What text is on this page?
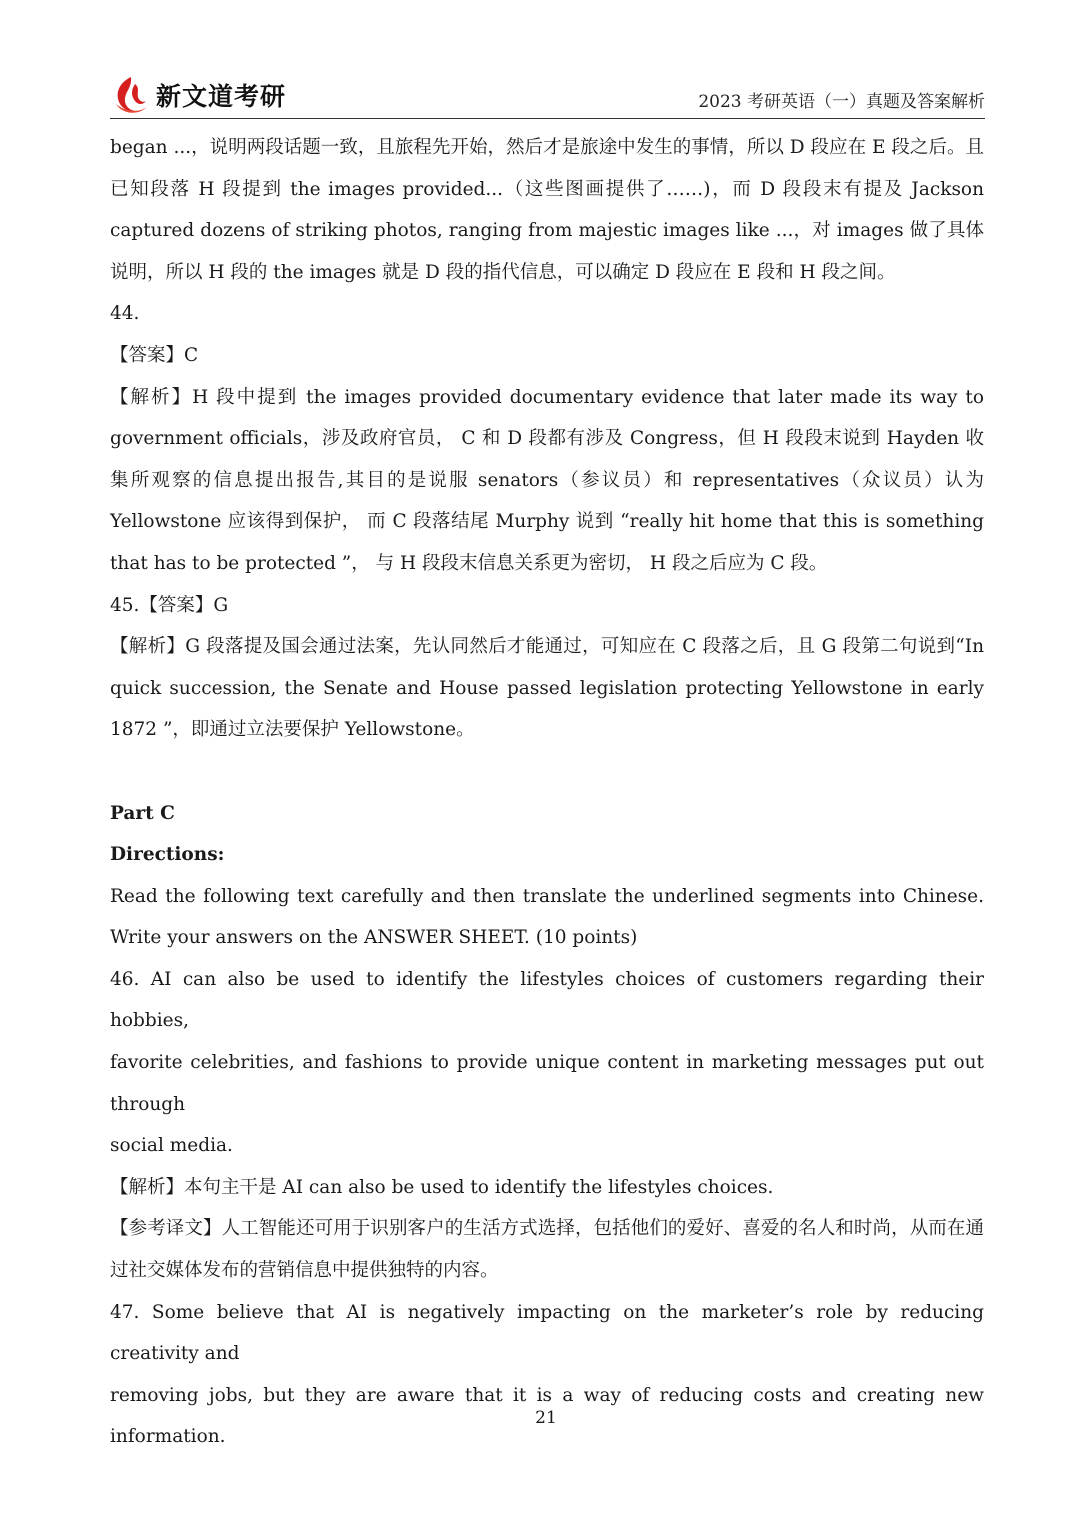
新文道考研	2023 考研英语（一）真题及答案解析

began ...，说明两段话题一致，且旅程先开始，然后才是旅途中发生的事情，所以 D 段应在 E 段之后。且已知段落 H 段提到 the images provided...（这些图画提供了……)，而 D 段段末有提及 Jackson captured dozens of striking photos, ranging from majestic images like ...，对 images 做了具体说明，所以 H 段的 the images 就是 D 段的指代信息，可以确定 D 段应在 E 段和 H 段之间。

44.

【答案】C

【解析】H 段中提到 the images provided documentary evidence that later made its way to government officials，涉及政府官员， C 和 D 段都有涉及 Congress，但 H 段段末说到 Hayden 收集所观察的信息提出报告,其目的是说服 senators（参议员）和 representatives（众议员）认为 Yellowstone 应该得到保护， 而 C 段落结尾 Murphy 说到 “really hit home that this is something that has to be protected ”， 与 H 段段末信息关系更为密切， H 段之后应为 C 段。

45.【答案】G

【解析】G 段落提及国会通过法案，先认同然后才能通过，可知应在 C 段落之后，且 G 段第二句说到“In quick succession, the Senate and House passed legislation protecting Yellowstone in early 1872 ”，即通过立法要保护 Yellowstone。

Part C

Directions:

Read the following text carefully and then translate the underlined segments into Chinese. Write your answers on the ANSWER SHEET. (10 points)

46. AI can also be used to identify the lifestyles choices of customers regarding their hobbies,

favorite celebrities, and fashions to provide unique content in marketing messages put out through

social media.

【解析】本句主干是 AI can also be used to identify the lifestyles choices.

【参考译文】人工智能还可用于识别客户的生活方式选择，包括他们的爱好、喜爱的名人和时尚，从而在通过社交媒体发布的营销信息中提供独特的内容。

47. Some believe that AI is negatively impacting on the marketer’s role by reducing creativity and

removing jobs, but they are aware that it is a way of reducing costs and creating new information.

21
